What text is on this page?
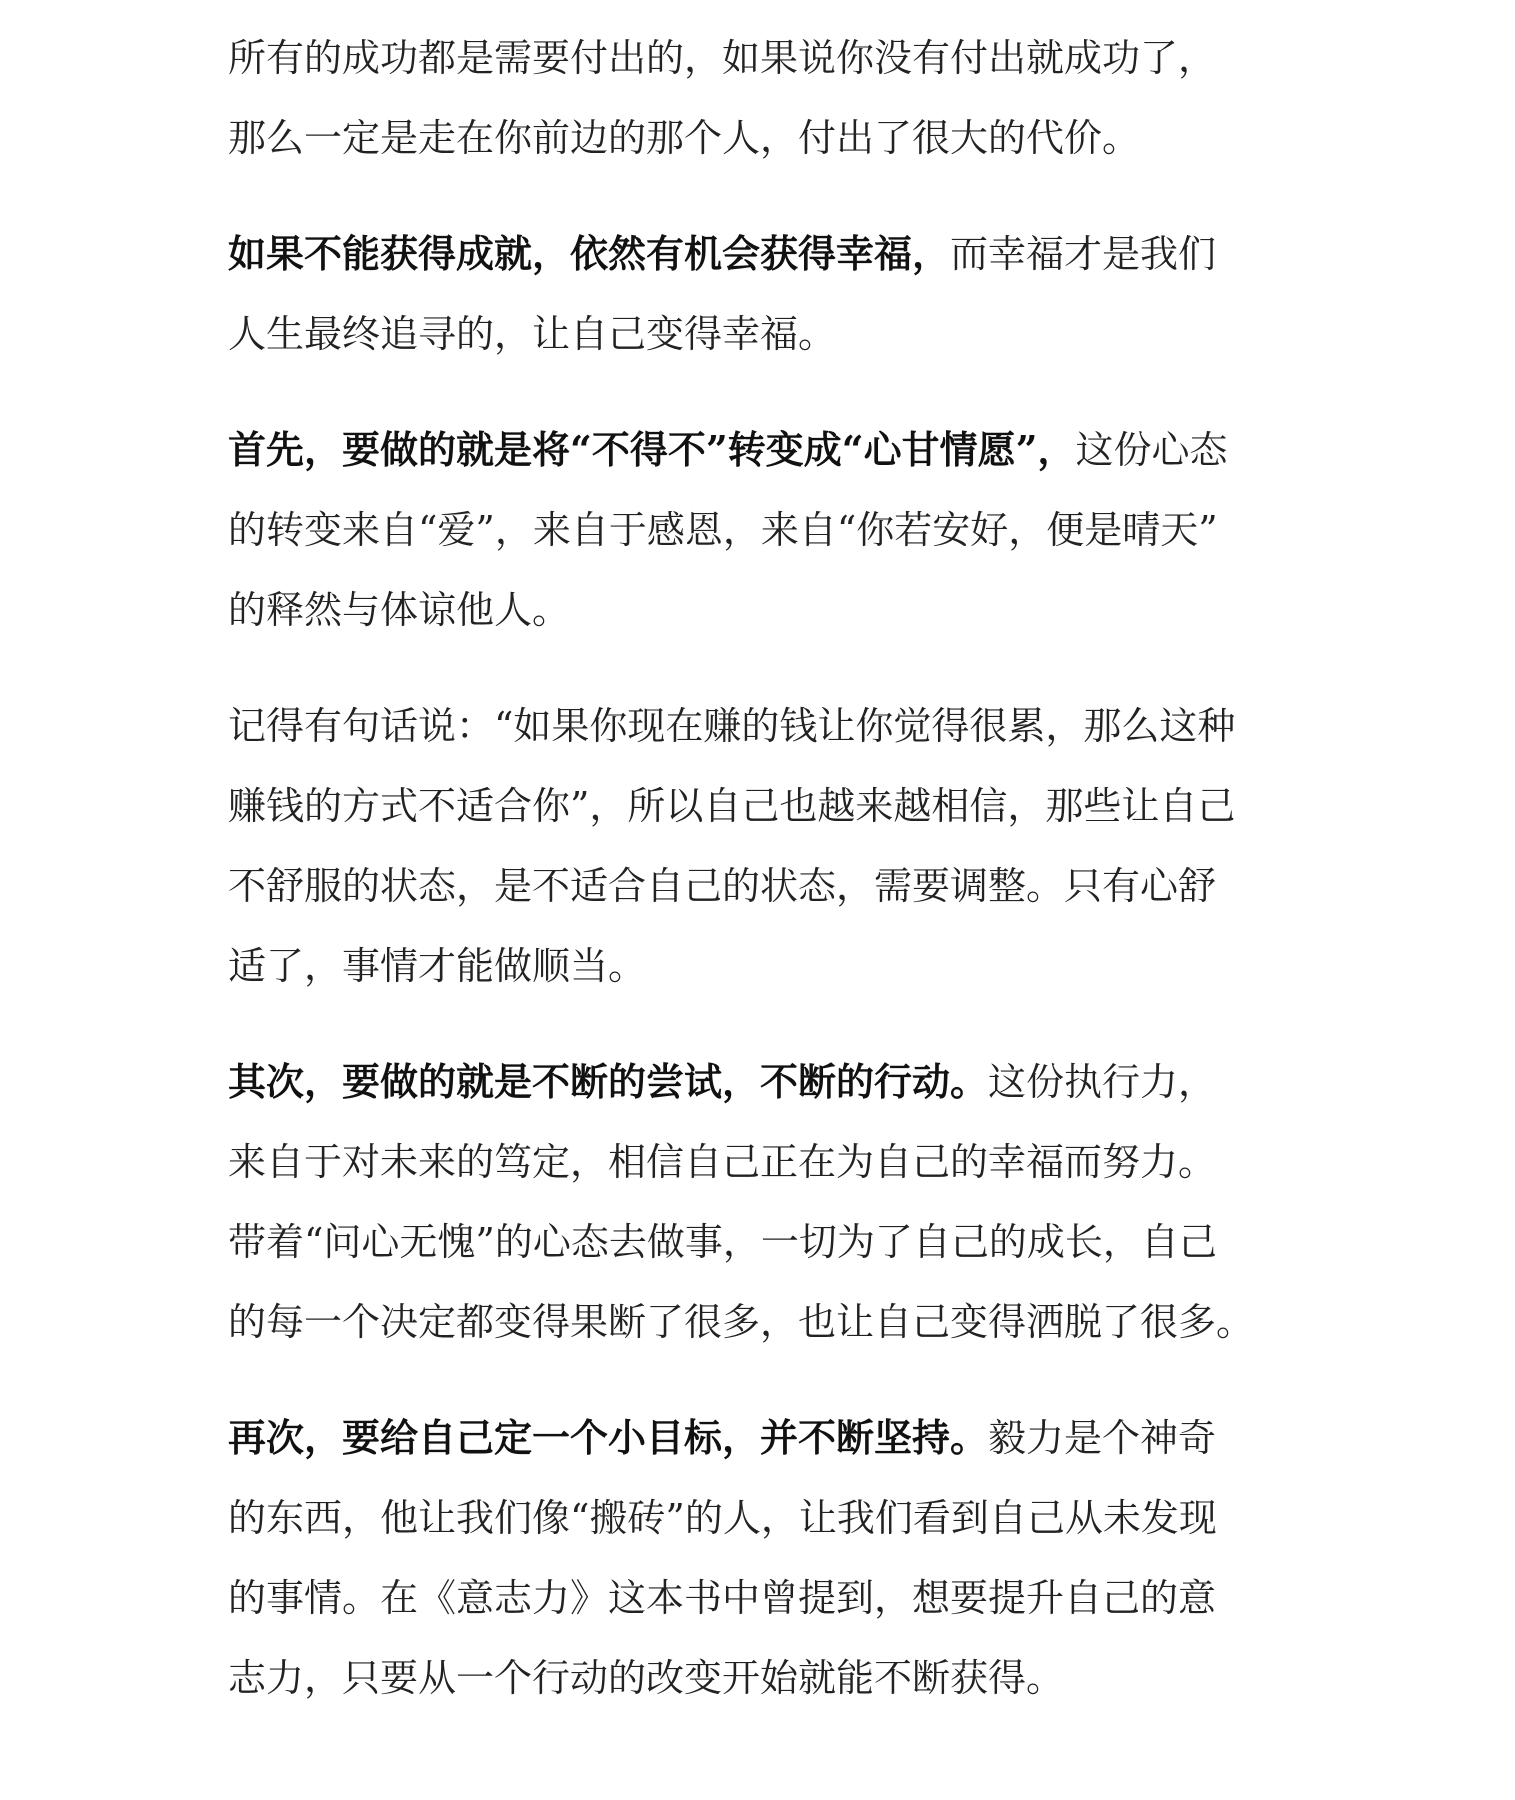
所有的成功都是需要付出的，如果说你没有付出就成功了，
那么一定是走在你前边的那个人，付出了很大的代价。
如果不能获得成就，依然有机会获得幸福，而幸福才是我们
人生最终追寻的，让自己变得幸福。
首先，要做的就是将“不得不”转变成“心甘情愿”，这份心态
的转变来自“爱”，来自于感恩，来自“你若安好，便是晴天”
的释然与体谅他人。
记得有句话说：“如果你现在赚的钱让你觉得很累，那么这种
赚钱的方式不适合你”，所以自己也越来越相信，那些让自己
不舒服的状态，是不适合自己的状态，需要调整。只有心舒
适了，事情才能做顺当。
其次，要做的就是不断的尝试，不断的行动。这份执行力，
来自于对未来的笃定，相信自己正在为自己的幸福而努力。
带着“问心无愧”的心态去做事，一切为了自己的成长，自己
的每一个决定都变得果断了很多，也让自己变得洒脱了很多。
再次，要给自己定一个小目标，并不断坚持。毅力是个神奇
的东西，他让我们像“搬砖”的人，让我们看到自己从未发现
的事情。在《意志力》这本书中曾提到，想要提升自己的意
志力，只要从一个行动的改变开始就能不断获得。
